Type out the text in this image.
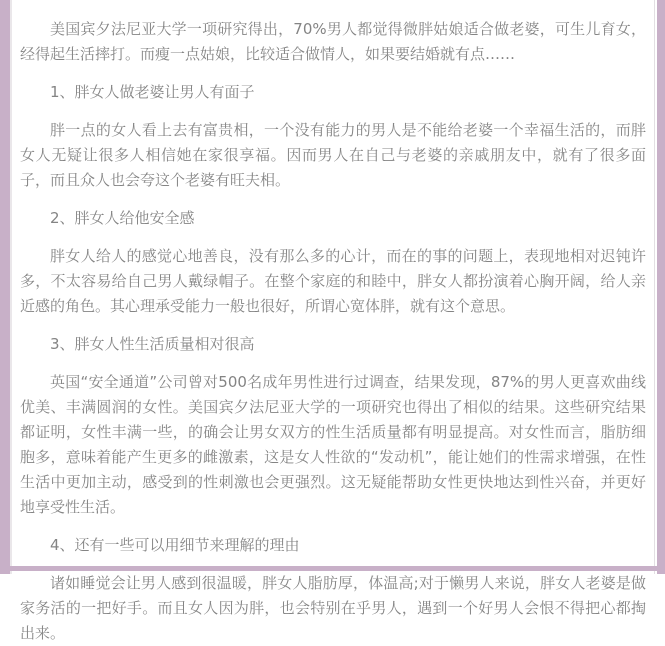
美国宾夕法尼亚大学一项研究得出，70%男人都觉得微胖姑娘适合做老婆，可生儿育女，经得起生活摔打。而瘦一点姑娘，比较适合做情人，如果要结婚就有点……

1、胖女人做老婆让男人有面子

胖一点的女人看上去有富贵相，一个没有能力的男人是不能给老婆一个幸福生活的，而胖女人无疑让很多人相信她在家很享福。因而男人在自己与老婆的亲戚朋友中，就有了很多面子，而且众人也会夸这个老婆有旺夫相。

2、胖女人给他安全感

胖女人给人的感觉心地善良，没有那么多的心计，而在的事的问题上，表现地相对迟钝许多，不太容易给自己男人戴绿帽子。在整个家庭的和睦中，胖女人都扮演着心胸开阔，给人亲近感的角色。其心理承受能力一般也很好，所谓心宽体胖，就有这个意思。

3、胖女人性生活质量相对很高

英国“安全通道”公司曾对500名成年男性进行过调查，结果发现，87%的男人更喜欢曲线优美、丰满圆润的女性。美国宾夕法尼亚大学的一项研究也得出了相似的结果。这些研究结果都证明，女性丰满一些，的确会让男女双方的性生活质量都有明显提高。对女性而言，脂肪细胞多，意味着能产生更多的雌激素，这是女人性欲的“发动机”，能让她们的性需求增强，在性生活中更加主动，感受到的性刺激也会更强烈。这无疑能帮助女性更快地达到性兴奋，并更好地享受性生活。

4、还有一些可以用细节来理解的理由

诸如睡觉会让男人感到很温暖，胖女人脂肪厚，体温高;对于懒男人来说，胖女人老婆是做家务活的一把好手。而且女人因为胖，也会特别在乎男人，遇到一个好男人会恨不得把心都掏出来。
